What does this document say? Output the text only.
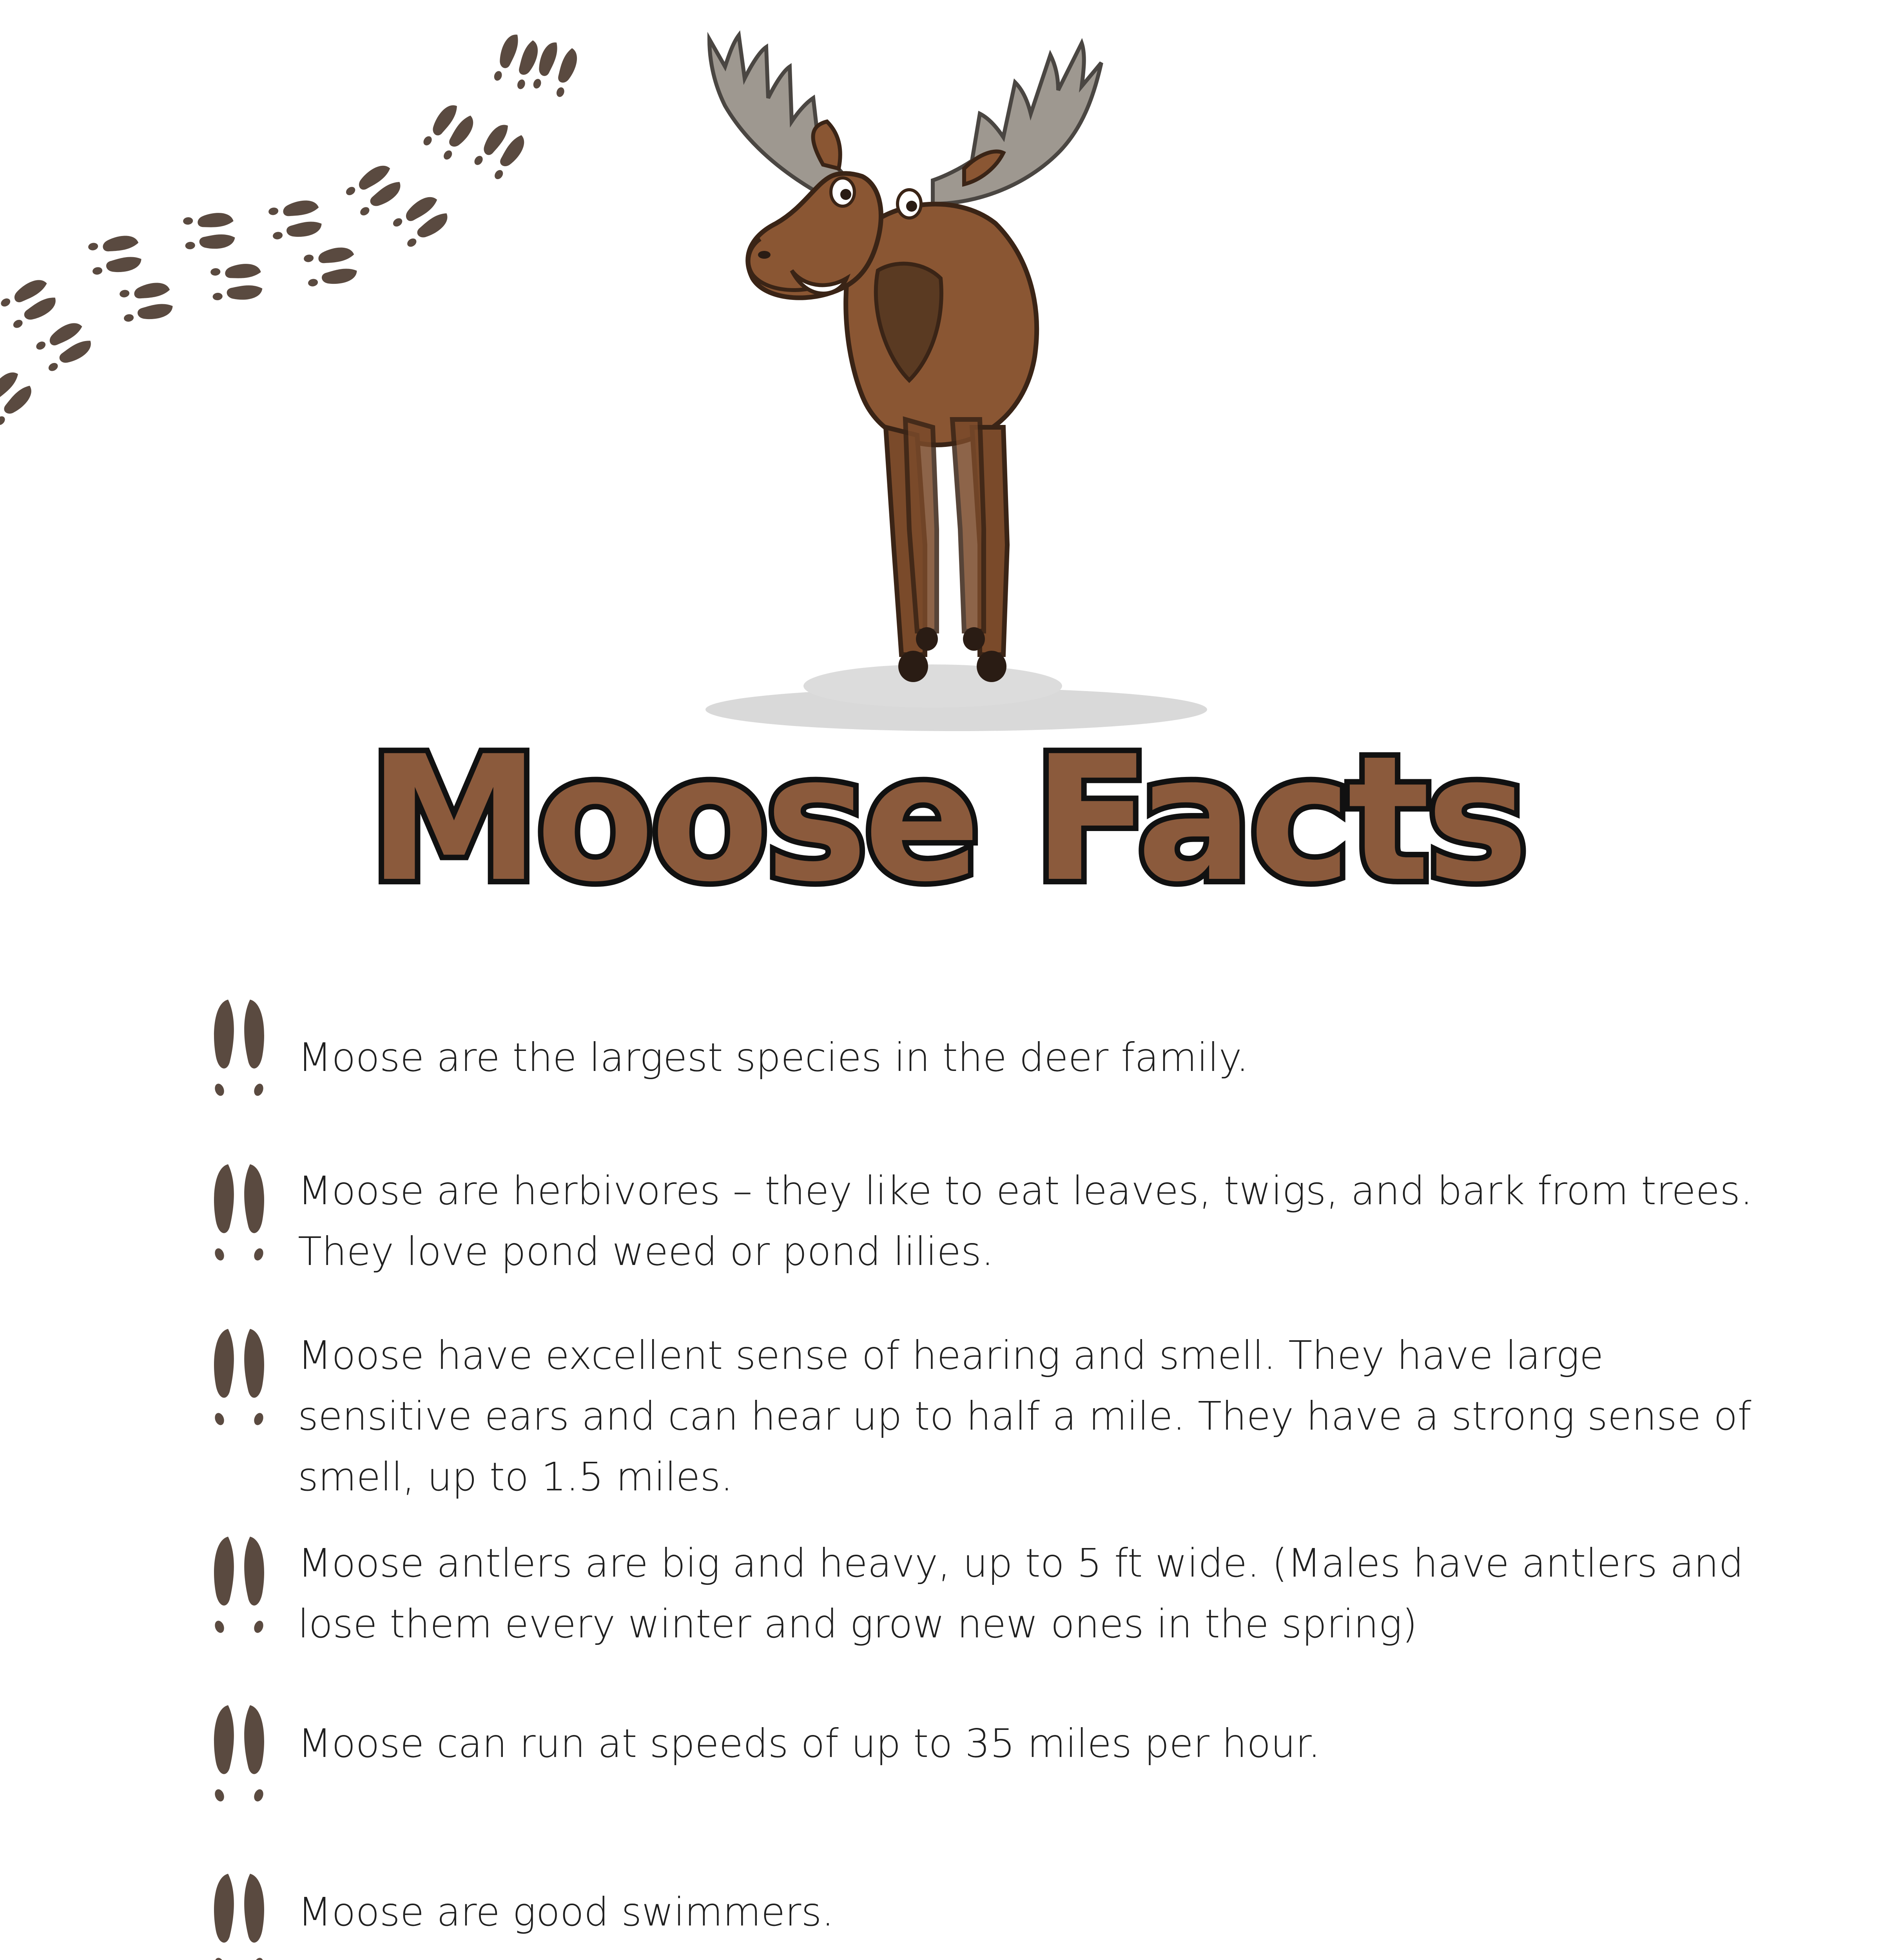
Moose Facts
Moose are the largest species in the deer family.
Moose are herbivores – they like to eat leaves, twigs, and bark from trees.
They love pond weed or pond lilies.
Moose have excellent sense of hearing and smell. They have large
sensitive ears and can hear up to half a mile. They have a strong sense of
smell, up to 1.5 miles.
Moose antlers are big and heavy, up to 5 ft wide. (Males have antlers and
lose them every winter and grow new ones in the spring)
Moose can run at speeds of up to 35 miles per hour.
Moose are good swimmers.
